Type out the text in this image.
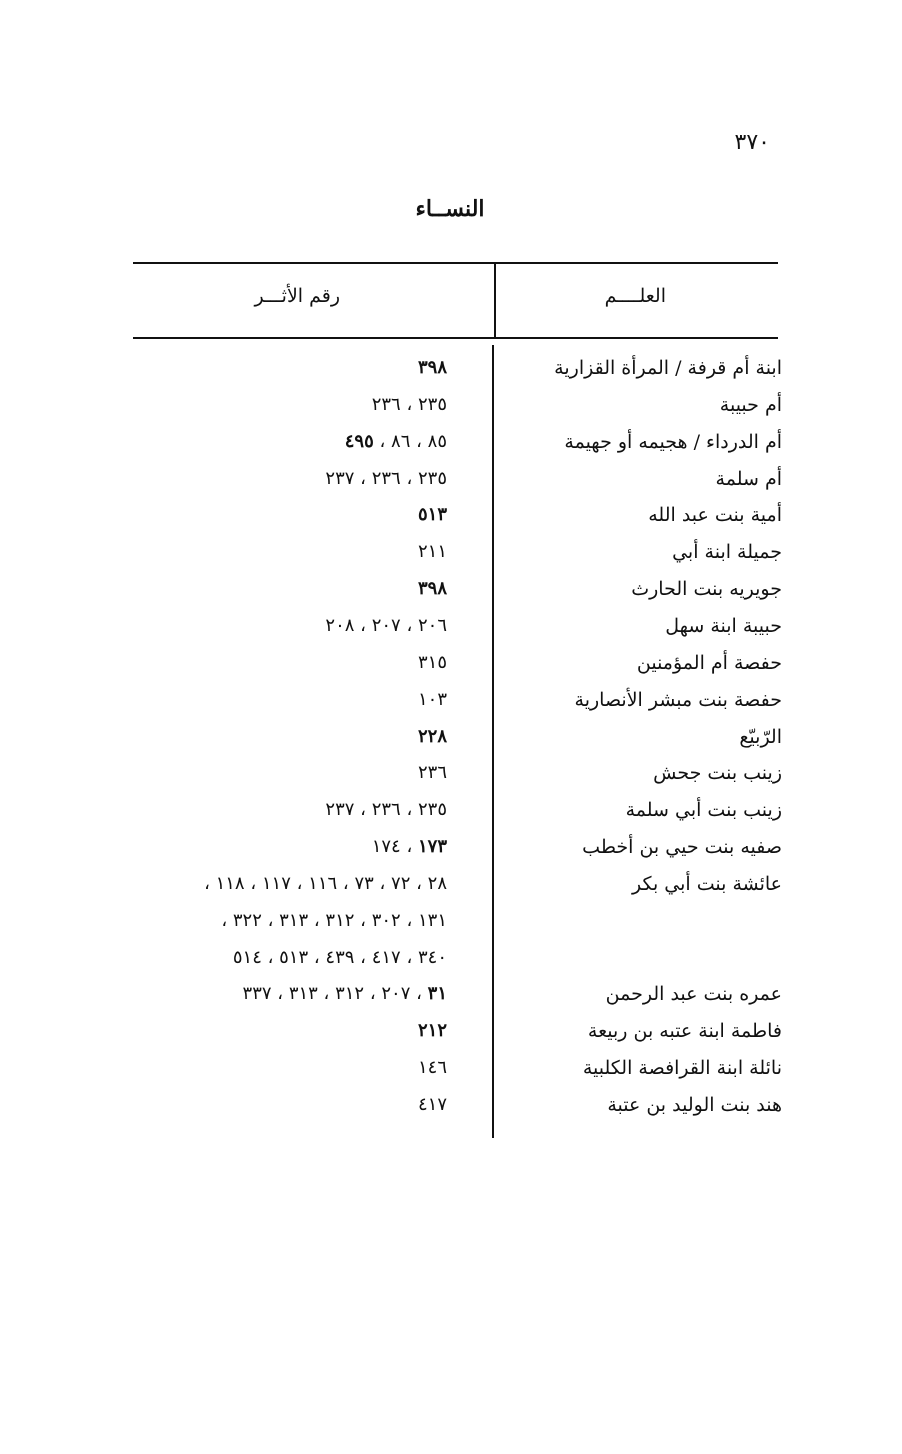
٣٧٠
النســاء
العلــــم
رقم الأثـــر
ابنة أم قرفة / المرأة القزارية
٣٩٨
أم حبيبة
٢٣٥ ، ٢٣٦
أم الدرداء / هجيمه أو جهيمة
٨٥ ، ٨٦ ، ٤٩٥
أم سلمة
٢٣٥ ، ٢٣٦ ، ٢٣٧
أمية بنت عبد الله
٥١٣
جميلة ابنة أبي
٢١١
جويريه بنت الحارث
٣٩٨
حبيبة ابنة سهل
٢٠٦ ، ٢٠٧ ، ٢٠٨
حفصة أم المؤمنين
٣١٥
حفصة بنت مبشر الأنصارية
١٠٣
الرّبيّع
٢٢٨
زينب بنت جحش
٢٣٦
زينب بنت أبي سلمة
٢٣٥ ، ٢٣٦ ، ٢٣٧
صفيه بنت حيي بن أخطب
١٧٣ ، ١٧٤
عائشة بنت أبي بكر
٢٨ ، ٧٢ ، ٧٣ ، ١١٦ ، ١١٧ ، ١١٨ ،
١٣١ ، ٣٠٢ ، ٣١٢ ، ٣١٣ ، ٣٢٢ ،
٣٤٠ ، ٤١٧ ، ٤٣٩ ، ٥١٣ ، ٥١٤
عمره بنت عبد الرحمن
٣١ ، ٢٠٧ ، ٣١٢ ، ٣١٣ ، ٣٣٧
فاطمة ابنة عتبه بن ربيعة
٢١٢
نائلة ابنة القرافصة الكلبية
١٤٦
هند بنت الوليد بن عتبة
٤١٧
